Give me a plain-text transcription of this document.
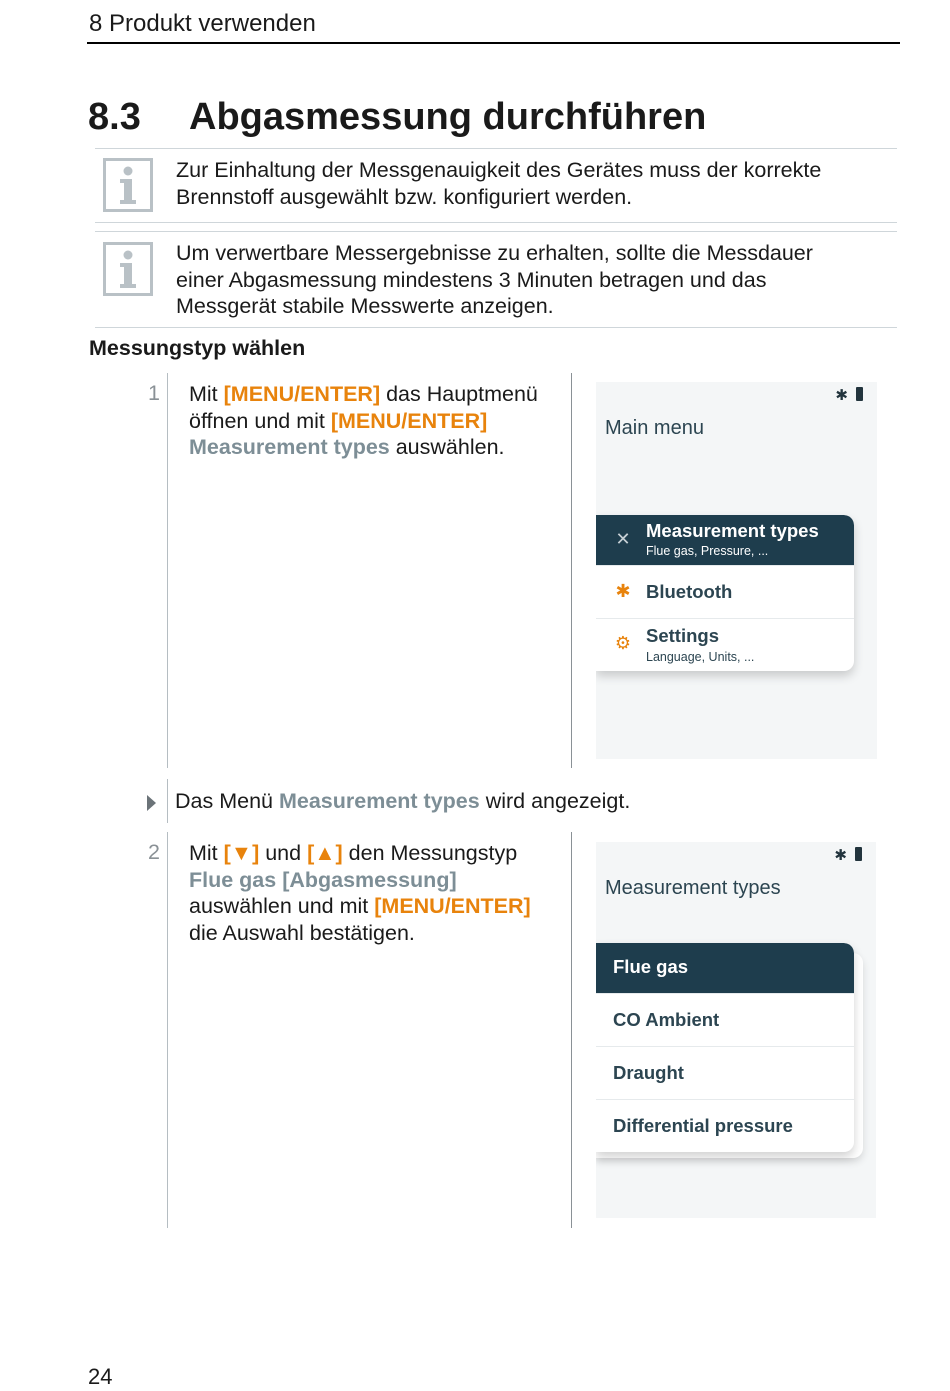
8 Produkt verwenden
8.3 Abgasmessung durchführen
Zur Einhaltung der Messgenauigkeit des Gerätes muss der korrekte
Brennstoff ausgewählt bzw. konfiguriert werden.
Um verwertbare Messergebnisse zu erhalten, sollte die Messdauer
einer Abgasmessung mindestens 3 Minuten betragen und das
Messgerät stabile Messwerte anzeigen.
Messungstyp wählen
1 Mit [MENU/ENTER] das Hauptmenü
öffnen und mit [MENU/ENTER]
Measurement types auswählen.
✱
Main menu
✕ Measurement types
Flue gas, Pressure, ...
✱ Bluetooth
⚙ Settings
Language, Units, ...
Das Menü Measurement types wird angezeigt.
2 Mit [▼] und [▲] den Messungstyp
Flue gas [Abgasmessung]
auswählen und mit [MENU/ENTER]
die Auswahl bestätigen.
✱
Measurement types
Flue gas
CO Ambient
Draught
Differential pressure
24
